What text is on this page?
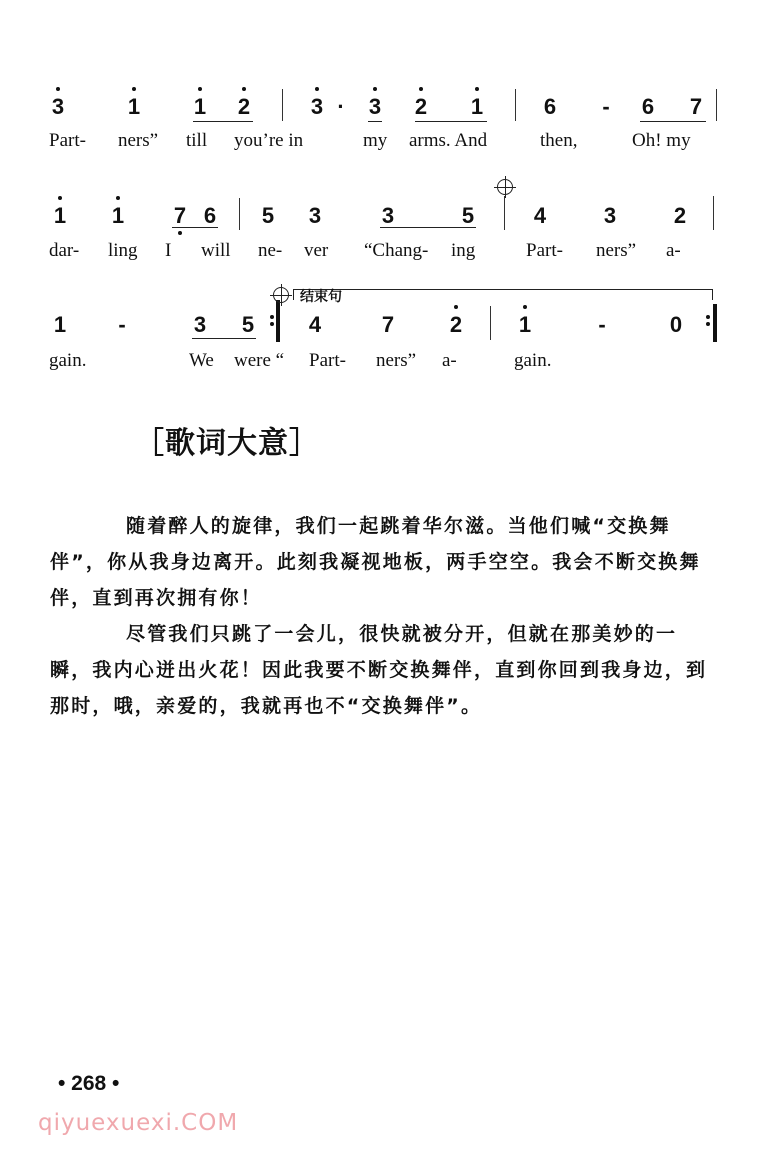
3	1 1 2	3 · 3 2 1	6 - 6 7
Part- ners” till you’re in	my arms. And	then,	Oh! my
1 1 7 6 5 3	3	5	4	3	2
dar- ling I will ne- ver “Chang- ing	Part- ners” a-
1 -	3 5
结束句
4	7	2	1	-	0
gain.	We were “ Part- ners” a-	gain.
［歌词大意］

随着醉人的旋律，我们一起跳着华尔滋。当他们喊“交换舞伴”，你从我身边离开。此刻我凝视地板，两手空空。我会不断交换舞伴，直到再次拥有你！

尽管我们只跳了一会儿，很快就被分开，但就在那美妙的一瞬，我内心迸出火花！因此我要不断交换舞伴，直到你回到我身边，到那时，哦，亲爱的，我就再也不“交换舞伴”。

• 268 •
qiyuexuexi.COM
